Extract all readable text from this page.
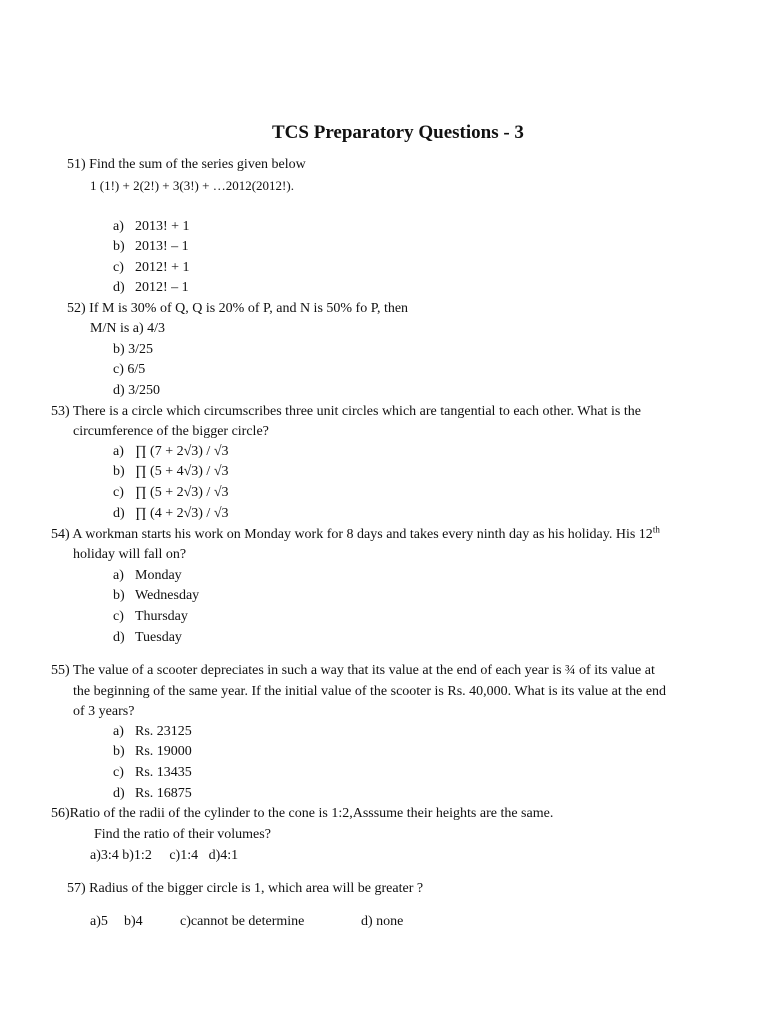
TCS Preparatory Questions - 3
51) Find the sum of the series given below
1 (1!) + 2(2!) + 3(3!) + …2012(2012!).
a) 2013! + 1
b) 2013! – 1
c) 2012! + 1
d) 2012! – 1
52) If M is 30% of Q, Q is 20% of P, and N is 50% fo P, then
M/N is a) 4/3
b) 3/25
c) 6/5
d) 3/250
53) There is a circle which circumscribes three unit circles which are tangential to each other. What is the
circumference of the bigger circle?
a) ∏ (7 + 2√3) / √3
b) ∏ (5 + 4√3) / √3
c) ∏ (5 + 2√3) / √3
d) ∏ (4 + 2√3) / √3
54) A workman starts his work on Monday work for 8 days and takes every ninth day as his holiday. His 12th
holiday will fall on?
a) Monday
b) Wednesday
c) Thursday
d) Tuesday
55) The value of a scooter depreciates in such a way that its value at the end of each year is ¾ of its value at
the beginning of the same year. If the initial value of the scooter is Rs. 40,000. What is its value at the end
of 3 years?
a) Rs. 23125
b) Rs. 19000
c) Rs. 13435
d) Rs. 16875
56)Ratio of the radii of the cylinder to the cone is 1:2,Asssume their heights are the same.
Find the ratio of their volumes?
a)3:4 b)1:2     c)1:4   d)4:1
57) Radius of the bigger circle is 1, which area will be greater ?
a)5 b)4	c)cannot be determine	d) none
